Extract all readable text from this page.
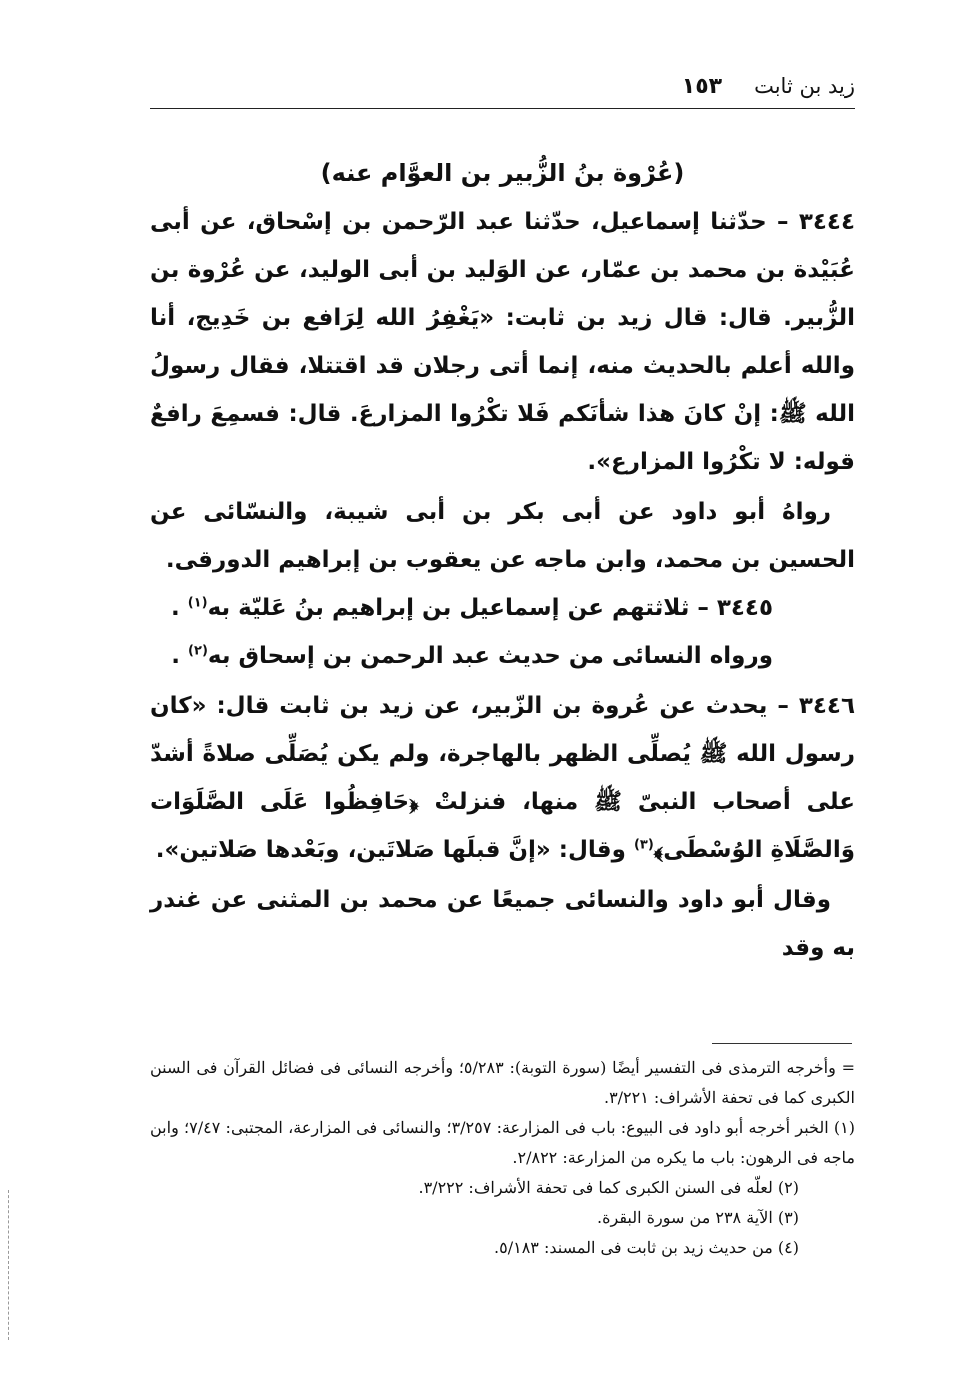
زيد بن ثابت
١٥٣

(عُرْوة بنُ الزُّبير بن العوَّام عنه)

٣٤٤٤ – حدّثنا إسماعيل، حدّثنا عبد الرّحمن بن إسْحاق، عن أبى عُبَيْدة بن محمد بن عمّار، عن الوَليد بن أبى الوليد، عن عُرْوة بن الزُّبير. قال: قال زيد بن ثابت: «يَغْفِرُ الله لِرَافع بن خَدِيج، أنا والله أعلم بالحديث منه، إنما أتى رجلان قد اقتتلا، فقال رسولُ الله ﷺ: إنْ كانَ هذا شأنَكم فَلا تكْرُوا المزارعَ. قال: فسمِعَ رافعٌ قوله: لا تكْرُوا المزارع».

رواهُ أبو داود عن أبى بكر بن أبى شيبة، والنسّائى عن الحسين بن محمد، وابن ماجه عن يعقوب بن إبراهيم الدورقى.

٣٤٤٥ – ثلاثتهم عن إسماعيل بن إبراهيم بنُ عَليّة به$^{(١)}$ .

ورواه النسائى من حديث عبد الرحمن بن إسحاق به$^{(٢)}$ .

٣٤٤٦ – يحدث عن عُروة بن الزّبير، عن زيد بن ثابت قال: «كان رسول الله ﷺ يُصلِّى الظهر بالهاجرة، ولم يكن يُصَلِّى صلاةً أشدّ على أصحاب النبىّ ﷺ منها، فنزلتْ ﴿حَافِظُوا عَلَى الصَّلَوَات وَالصَّلَاةِ الوُسْطَى﴾$^{(٣)}$ وقال: «إنَّ قبلَها صَلاتَين، وبَعْدها صَلاتين».

وقال أبو داود والنسائى جميعًا عن محمد بن المثنى عن غندر به وقد

= وأخرجه الترمذى فى التفسير أيضًا (سورة التوبة): ٥/٢٨٣؛ وأخرجه النسائى فى فضائل القرآن فى السنن الكبرى كما فى تحفة الأشراف: ٣/٢٢١.

(١) الخبر أخرجه أبو داود فى البيوع: باب فى المزارعة: ٣/٢٥٧؛ والنسائى فى المزارعة، المجتبى: ٧/٤٧؛ وابن ماجه فى الرهون: باب ما يكره من المزارعة: ٢/٨٢٢.

(٢) لعلّه فى السنن الكبرى كما فى تحفة الأشراف: ٣/٢٢٢.

(٣) الآية ٢٣٨ من سورة البقرة.

(٤) من حديث زيد بن ثابت فى المسند: ٥/١٨٣.
